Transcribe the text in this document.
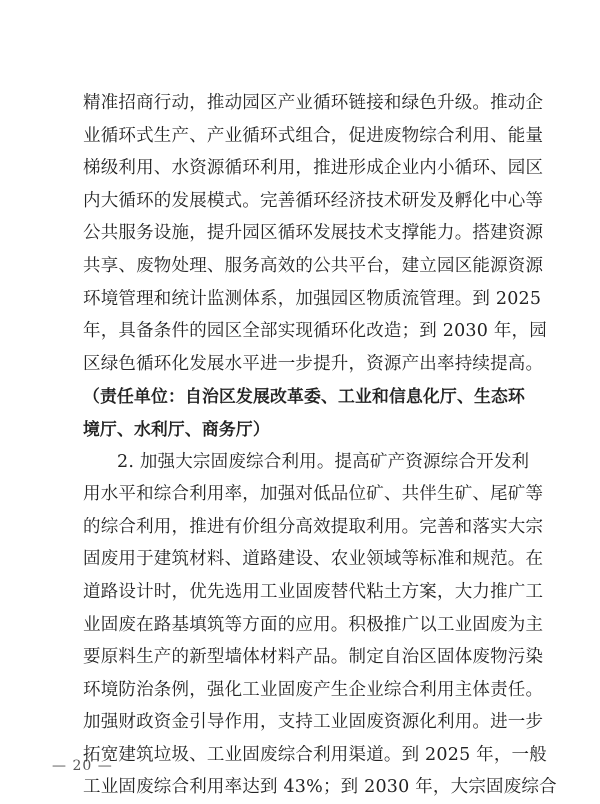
精准招商行动，推动园区产业循环链接和绿色升级。推动企
业循环式生产、产业循环式组合，促进废物综合利用、能量
梯级利用、水资源循环利用，推进形成企业内小循环、园区
内大循环的发展模式。完善循环经济技术研发及孵化中心等
公共服务设施，提升园区循环发展技术支撑能力。搭建资源
共享、废物处理、服务高效的公共平台，建立园区能源资源
环境管理和统计监测体系，加强园区物质流管理。到 2025
年，具备条件的园区全部实现循环化改造；到 2030 年，园
区绿色循环化发展水平进一步提升，资源产出率持续提高。
（责任单位：自治区发展改革委、工业和信息化厅、生态环
境厅、水利厅、商务厅）
2. 加强大宗固废综合利用。提高矿产资源综合开发利
用水平和综合利用率，加强对低品位矿、共伴生矿、尾矿等
的综合利用，推进有价组分高效提取利用。完善和落实大宗
固废用于建筑材料、道路建设、农业领域等标准和规范。在
道路设计时，优先选用工业固废替代粘土方案，大力推广工
业固废在路基填筑等方面的应用。积极推广以工业固废为主
要原料生产的新型墙体材料产品。制定自治区固体废物污染
环境防治条例，强化工业固废产生企业综合利用主体责任。
加强财政资金引导作用，支持工业固废资源化利用。进一步
拓宽建筑垃圾、工业固废综合利用渠道。到 2025 年，一般
工业固废综合利用率达到 43%；到 2030 年，大宗固废综合
— 20 —
